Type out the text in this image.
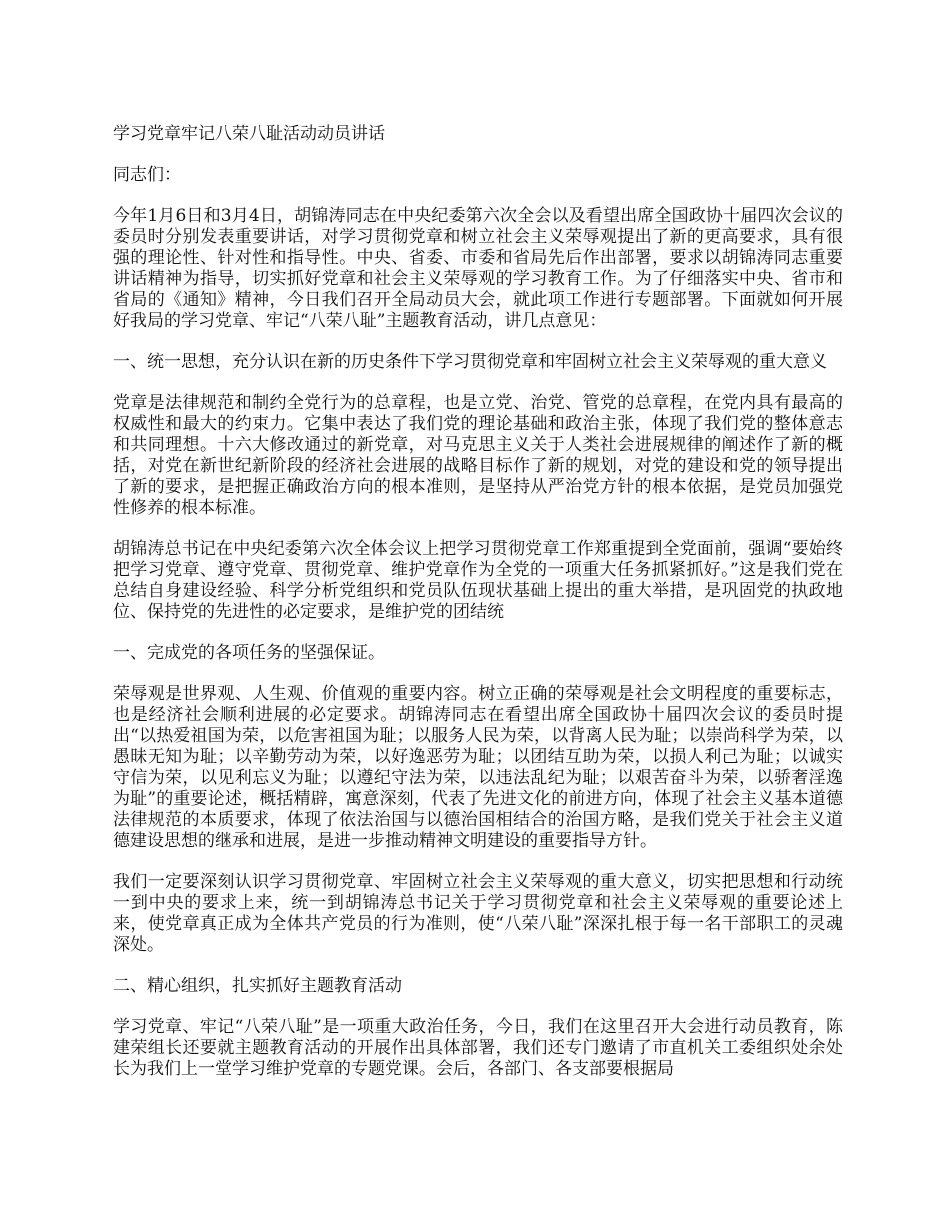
学习党章牢记八荣八耻活动动员讲话

同志们：

今年1月6日和3月4日，胡锦涛同志在中央纪委第六次全会以及看望出席全国政协十届四次会议的委员时分别发表重要讲话，对学习贯彻党章和树立社会主义荣辱观提出了新的更高要求，具有很强的理论性、针对性和指导性。中央、省委、市委和省局先后作出部署，要求以胡锦涛同志重要讲话精神为指导，切实抓好党章和社会主义荣辱观的学习教育工作。为了仔细落实中央、省市和省局的《通知》精神，今日我们召开全局动员大会，就此项工作进行专题部署。下面就如何开展好我局的学习党章、牢记“八荣八耻”主题教育活动，讲几点意见：

一、统一思想，充分认识在新的历史条件下学习贯彻党章和牢固树立社会主义荣辱观的重大意义

党章是法律规范和制约全党行为的总章程，也是立党、治党、管党的总章程，在党内具有最高的权威性和最大的约束力。它集中表达了我们党的理论基础和政治主张，体现了我们党的整体意志和共同理想。十六大修改通过的新党章，对马克思主义关于人类社会进展规律的阐述作了新的概括，对党在新世纪新阶段的经济社会进展的战略目标作了新的规划，对党的建设和党的领导提出了新的要求，是把握正确政治方向的根本准则，是坚持从严治党方针的根本依据，是党员加强党性修养的根本标准。

胡锦涛总书记在中央纪委第六次全体会议上把学习贯彻党章工作郑重提到全党面前，强调“要始终把学习党章、遵守党章、贯彻党章、维护党章作为全党的一项重大任务抓紧抓好。”这是我们党在总结自身建设经验、科学分析党组织和党员队伍现状基础上提出的重大举措，是巩固党的执政地位、保持党的先进性的必定要求，是维护党的团结统

一、完成党的各项任务的坚强保证。

荣辱观是世界观、人生观、价值观的重要内容。树立正确的荣辱观是社会文明程度的重要标志，也是经济社会顺利进展的必定要求。胡锦涛同志在看望出席全国政协十届四次会议的委员时提出“以热爱祖国为荣，以危害祖国为耻；以服务人民为荣，以背离人民为耻；以崇尚科学为荣，以愚昧无知为耻；以辛勤劳动为荣，以好逸恶劳为耻；以团结互助为荣，以损人利己为耻；以诚实守信为荣，以见利忘义为耻；以遵纪守法为荣，以违法乱纪为耻；以艰苦奋斗为荣，以骄奢淫逸为耻”的重要论述，概括精辟，寓意深刻，代表了先进文化的前进方向，体现了社会主义基本道德法律规范的本质要求，体现了依法治国与以德治国相结合的治国方略，是我们党关于社会主义道德建设思想的继承和进展，是进一步推动精神文明建设的重要指导方针。

我们一定要深刻认识学习贯彻党章、牢固树立社会主义荣辱观的重大意义，切实把思想和行动统一到中央的要求上来，统一到胡锦涛总书记关于学习贯彻党章和社会主义荣辱观的重要论述上来，使党章真正成为全体共产党员的行为准则，使“八荣八耻”深深扎根于每一名干部职工的灵魂深处。

二、精心组织，扎实抓好主题教育活动

学习党章、牢记“八荣八耻”是一项重大政治任务，今日，我们在这里召开大会进行动员教育，陈建荣组长还要就主题教育活动的开展作出具体部署，我们还专门邀请了市直机关工委组织处余处长为我们上一堂学习维护党章的专题党课。会后，各部门、各支部要根据局
